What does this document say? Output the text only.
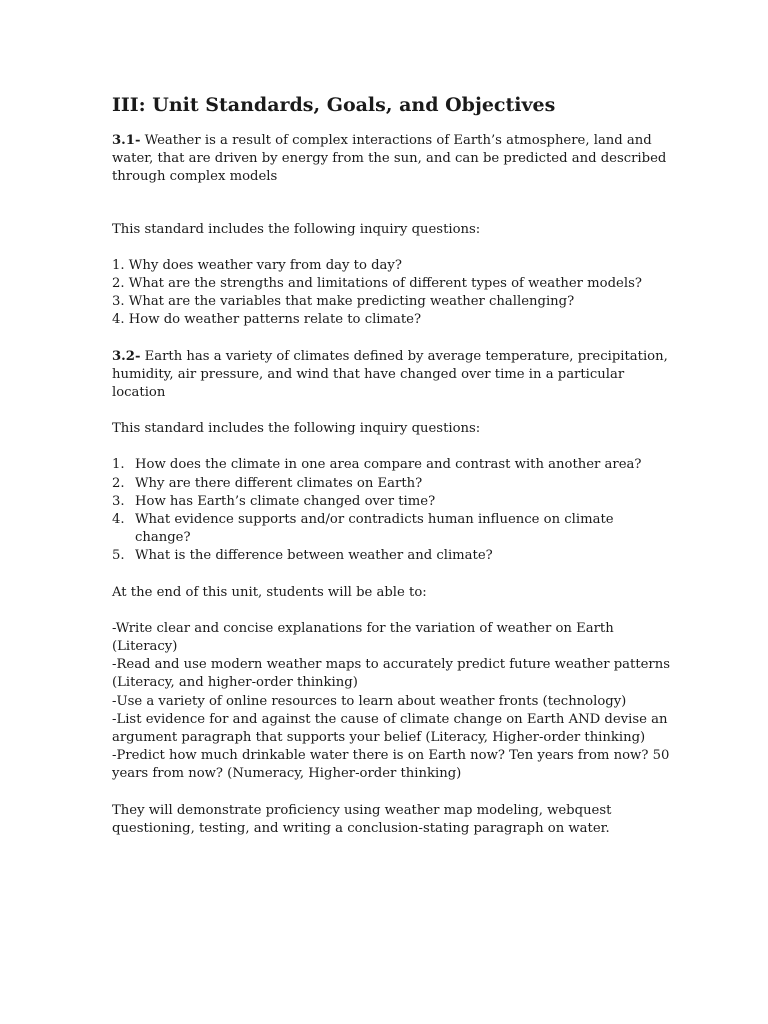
III: Unit Standards, Goals, and Objectives

3.1- Weather is a result of complex interactions of Earth’s atmosphere, land and water, that are driven by energy from the sun, and can be predicted and described through complex models

This standard includes the following inquiry questions:

1. Why does weather vary from day to day?
2. What are the strengths and limitations of different types of weather models?
3. What are the variables that make predicting weather challenging?
4. How do weather patterns relate to climate?

3.2- Earth has a variety of climates defined by average temperature, precipitation, humidity, air pressure, and wind that have changed over time in a particular location

This standard includes the following inquiry questions:

1. How does the climate in one area compare and contrast with another area?
2. Why are there different climates on Earth?
3. How has Earth’s climate changed over time?
4. What evidence supports and/or contradicts human influence on climate change?
5. What is the difference between weather and climate?

At the end of this unit, students will be able to:

-Write clear and concise explanations for the variation of weather on Earth (Literacy)
-Read and use modern weather maps to accurately predict future weather patterns (Literacy, and higher-order thinking)
-Use a variety of online resources to learn about weather fronts (technology)
-List evidence for and against the cause of climate change on Earth AND devise an argument paragraph that supports your belief (Literacy, Higher-order thinking)
-Predict how much drinkable water there is on Earth now? Ten years from now? 50 years from now? (Numeracy, Higher-order thinking)

They will demonstrate proficiency using weather map modeling, webquest questioning, testing, and writing a conclusion-stating paragraph on water.
